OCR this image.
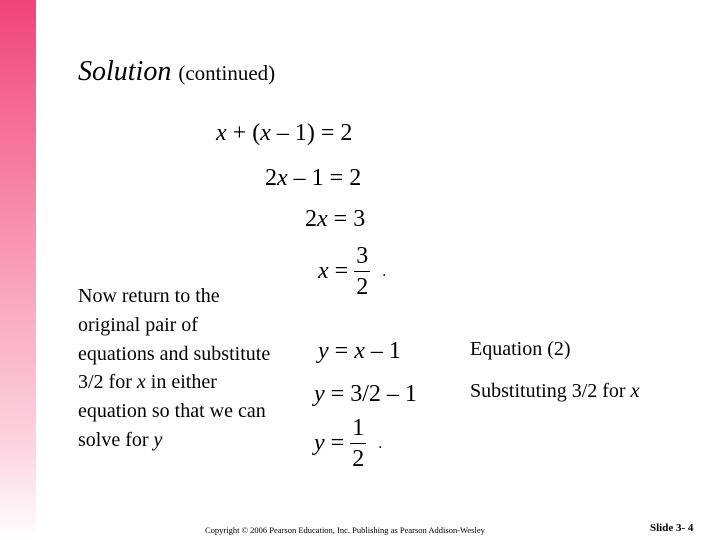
Solution (continued)
x + (x – 1) = 2
2x – 1 = 2
2x = 3
$x = \frac{3}{2}$ .
Now return to the original pair of equations and substitute 3/2 for x in either equation so that we can solve for y
y = x – 1	Equation (2)
y = 3/2 – 1	Substituting 3/2 for x
$y = \frac{1}{2}$ .
Copyright © 2006 Pearson Education, Inc. Publishing as Pearson Addison-Wesley	Slide 3- 4
